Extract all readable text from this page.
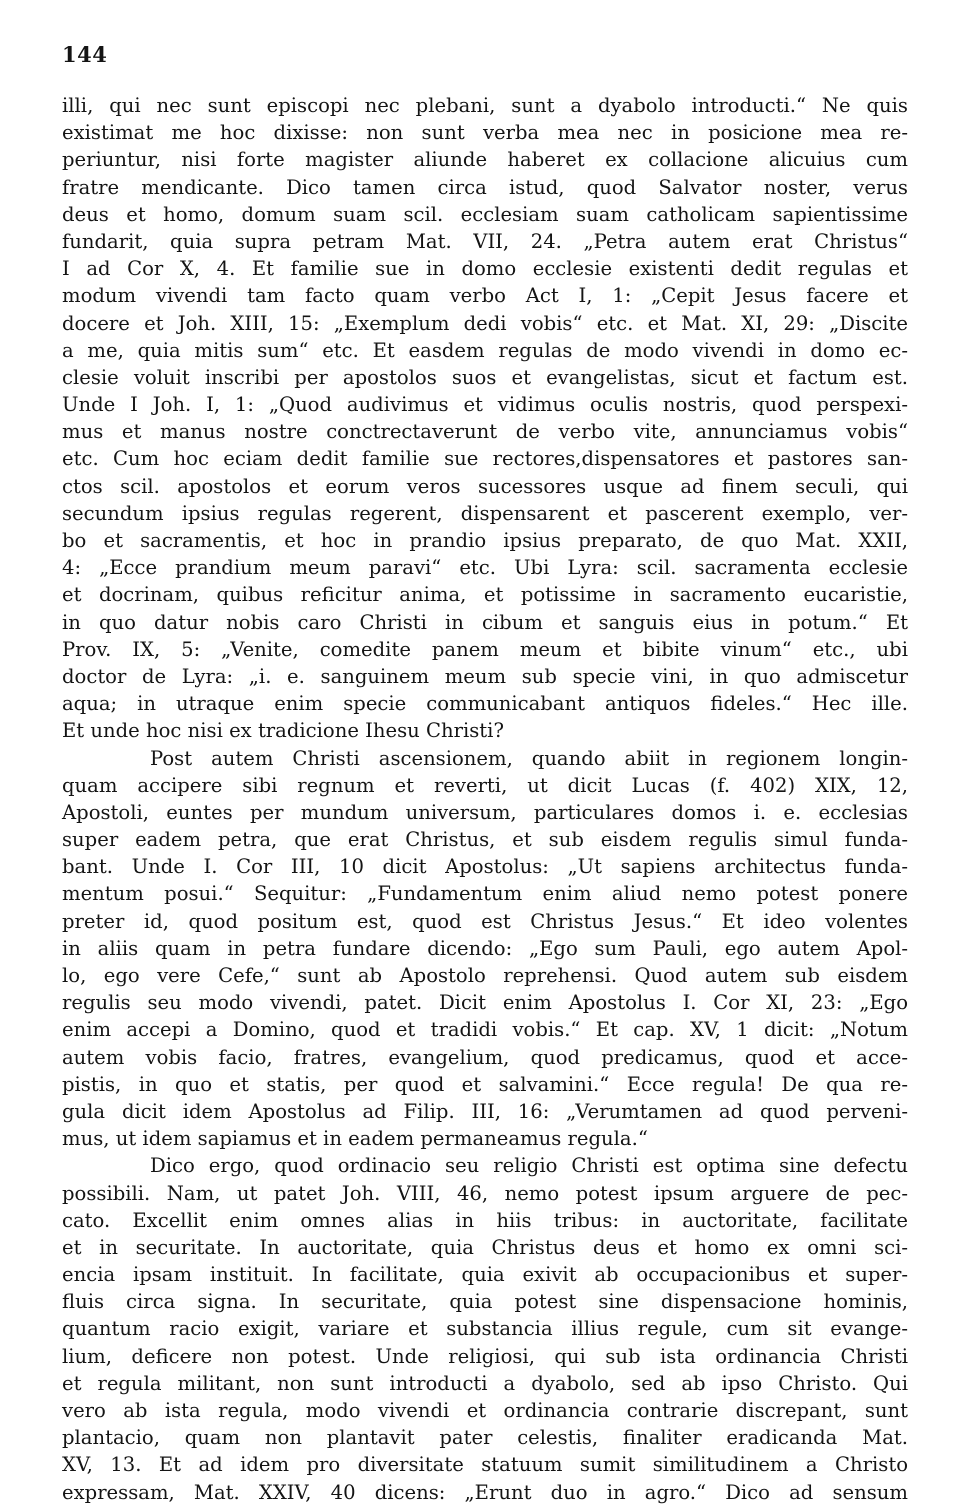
144
illi, qui nec sunt episcopi nec plebani, sunt a dyabolo introducti.“ Ne quis
existimat me hoc dixisse: non sunt verba mea nec in posicione mea re-
periuntur, nisi forte magister aliunde haberet ex collacione alicuius cum
fratre mendicante. Dico tamen circa istud, quod Salvator noster, verus
deus et homo, domum suam scil. ecclesiam suam catholicam sapientissime
fundarit, quia supra petram Mat. VII, 24. „Petra autem erat Christus“
I ad Cor X, 4. Et familie sue in domo ecclesie existenti dedit regulas et
modum vivendi tam facto quam verbo Act I, 1: „Cepit Jesus facere et
docere et Joh. XIII, 15: „Exemplum dedi vobis“ etc. et Mat. XI, 29: „Discite
a me, quia mitis sum“ etc. Et easdem regulas de modo vivendi in domo ec-
clesie voluit inscribi per apostolos suos et evangelistas, sicut et factum est.
Unde I Joh. I, 1: „Quod audivimus et vidimus oculis nostris, quod perspexi-
mus et manus nostre conctrectaverunt de verbo vite, annunciamus vobis“
etc. Cum hoc eciam dedit familie sue rectores,dispensatores et pastores san-
ctos scil. apostolos et eorum veros sucessores usque ad finem seculi, qui
secundum ipsius regulas regerent, dispensarent et pascerent exemplo, ver-
bo et sacramentis, et hoc in prandio ipsius preparato, de quo Mat. XXII,
4: „Ecce prandium meum paravi“ etc. Ubi Lyra: scil. sacramenta ecclesie
et docrinam, quibus reficitur anima, et potissime in sacramento eucaristie,
in quo datur nobis caro Christi in cibum et sanguis eius in potum.“ Et
Prov. IX, 5: „Venite, comedite panem meum et bibite vinum“ etc., ubi
doctor de Lyra: „i. e. sanguinem meum sub specie vini, in quo admiscetur
aqua; in utraque enim specie communicabant antiquos fideles.“ Hec ille.
Et unde hoc nisi ex tradicione Ihesu Christi?
Post autem Christi ascensionem, quando abiit in regionem longin-
quam accipere sibi regnum et reverti, ut dicit Lucas (f. 402) XIX, 12,
Apostoli, euntes per mundum universum, particulares domos i. e. ecclesias
super eadem petra, que erat Christus, et sub eisdem regulis simul funda-
bant. Unde I. Cor III, 10 dicit Apostolus: „Ut sapiens architectus funda-
mentum posui.“ Sequitur: „Fundamentum enim aliud nemo potest ponere
preter id, quod positum est, quod est Christus Jesus.“ Et ideo volentes
in aliis quam in petra fundare dicendo: „Ego sum Pauli, ego autem Apol-
lo, ego vere Cefe,“ sunt ab Apostolo reprehensi. Quod autem sub eisdem
regulis seu modo vivendi, patet. Dicit enim Apostolus I. Cor XI, 23: „Ego
enim accepi a Domino, quod et tradidi vobis.“ Et cap. XV, 1 dicit: „Notum
autem vobis facio, fratres, evangelium, quod predicamus, quod et acce-
pistis, in quo et statis, per quod et salvamini.“ Ecce regula! De qua re-
gula dicit idem Apostolus ad Filip. III, 16: „Verumtamen ad quod perveni-
mus, ut idem sapiamus et in eadem permaneamus regula.“
Dico ergo, quod ordinacio seu religio Christi est optima sine defectu
possibili. Nam, ut patet Joh. VIII, 46, nemo potest ipsum arguere de pec-
cato. Excellit enim omnes alias in hiis tribus: in auctoritate, facilitate
et in securitate. In auctoritate, quia Christus deus et homo ex omni sci-
encia ipsam instituit. In facilitate, quia exivit ab occupacionibus et super-
fluis circa signa. In securitate, quia potest sine dispensacione hominis,
quantum racio exigit, variare et substancia illius regule, cum sit evange-
lium, deficere non potest. Unde religiosi, qui sub ista ordinancia Christi
et regula militant, non sunt introducti a dyabolo, sed ab ipso Christo. Qui
vero ab ista regula, modo vivendi et ordinancia contrarie discrepant, sunt
plantacio, quam non plantavit pater celestis, finaliter eradicanda Mat.
XV, 13. Et ad idem pro diversitate statuum sumit similitudinem a Christo
expressam, Mat. XXIV, 40 dicens: „Erunt duo in agro.“ Dico ad sensum
